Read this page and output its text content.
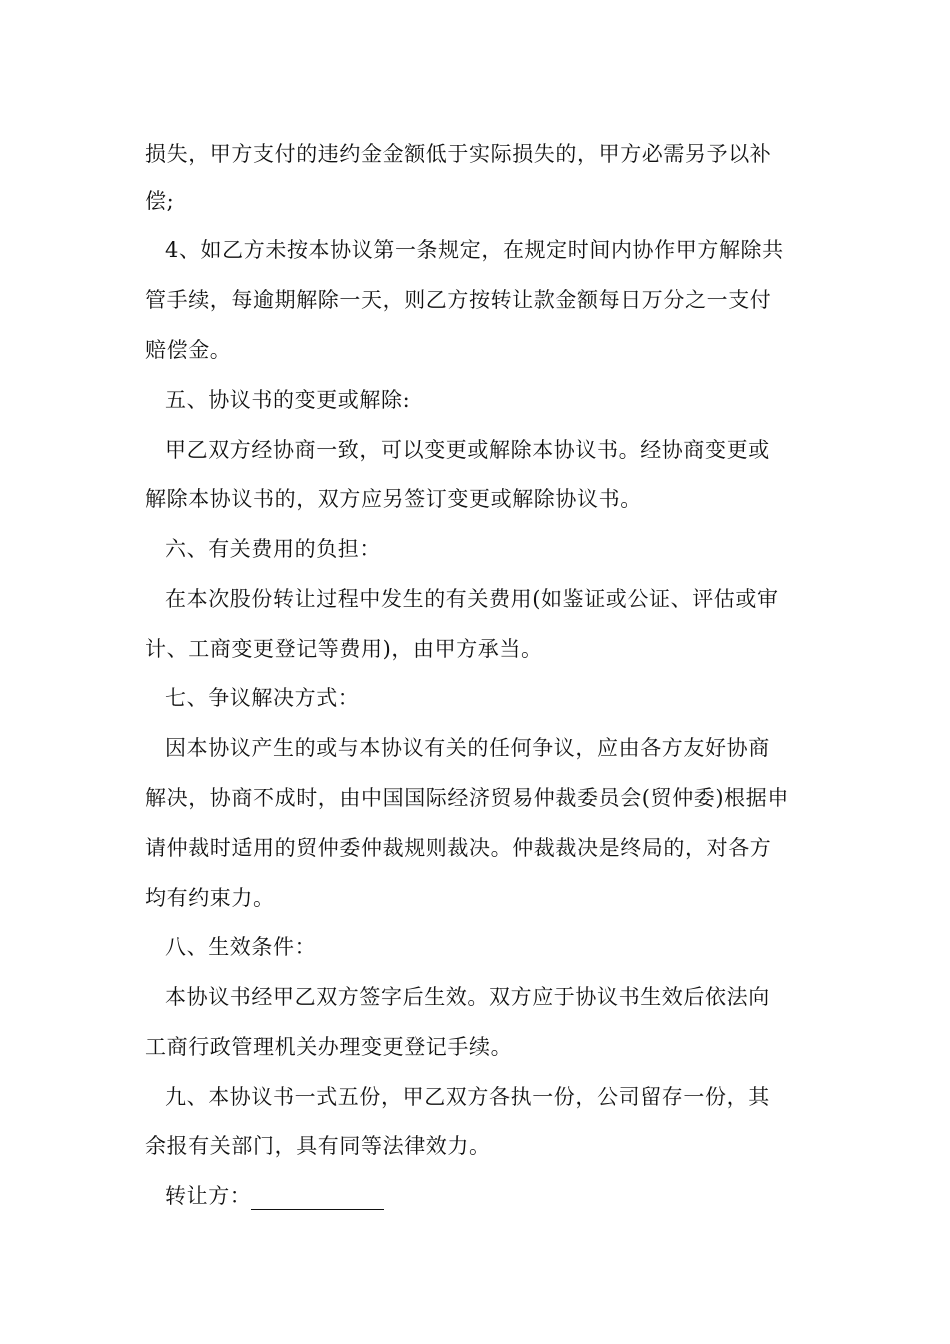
损失，甲方支付的违约金金额低于实际损失的，甲方必需另予以补
偿;
4、如乙方未按本协议第一条规定，在规定时间内协作甲方解除共
管手续，每逾期解除一天，则乙方按转让款金额每日万分之一支付
赔偿金。
五、协议书的变更或解除:
甲乙双方经协商一致，可以变更或解除本协议书。经协商变更或
解除本协议书的，双方应另签订变更或解除协议书。
六、有关费用的负担：
在本次股份转让过程中发生的有关费用(如鉴证或公证、评估或审
计、工商变更登记等费用)，由甲方承当。
七、争议解决方式：
因本协议产生的或与本协议有关的任何争议，应由各方友好协商
解决，协商不成时，由中国国际经济贸易仲裁委员会(贸仲委)根据申
请仲裁时适用的贸仲委仲裁规则裁决。仲裁裁决是终局的，对各方
均有约束力。
八、生效条件：
本协议书经甲乙双方签字后生效。双方应于协议书生效后依法向
工商行政管理机关办理变更登记手续。
九、本协议书一式五份，甲乙双方各执一份，公司留存一份，其
余报有关部门，具有同等法律效力。
转让方：
